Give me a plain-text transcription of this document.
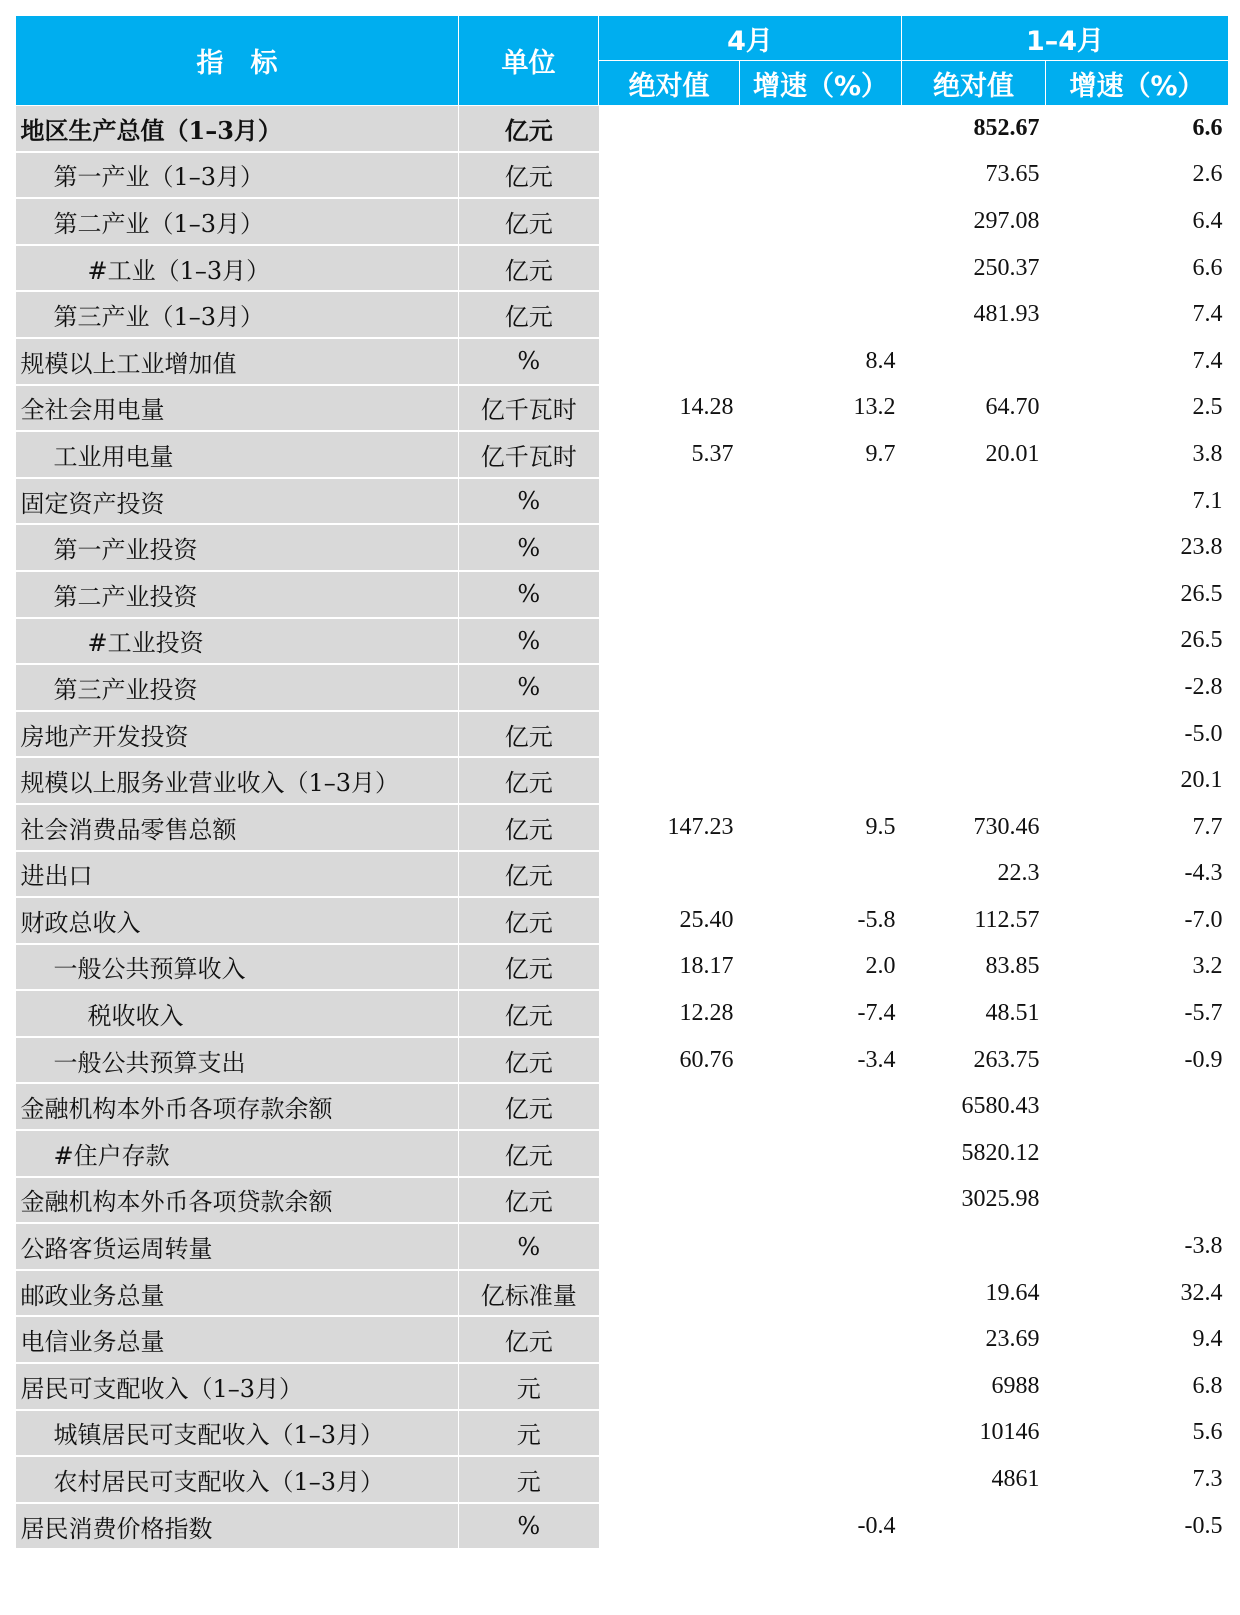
指　标	单位	4月		1–4月	
		绝对值	增速（%）	绝对值	增速（%）
地区生产总值（1–3月）	亿元			852.67	6.6
第一产业（1–3月）	亿元			73.65	2.6
第二产业（1–3月）	亿元			297.08	6.4
#工业（1–3月）	亿元			250.37	6.6
第三产业（1–3月）	亿元			481.93	7.4
规模以上工业增加值	%		8.4		7.4
全社会用电量	亿千瓦时	14.28	13.2	64.70	2.5
工业用电量	亿千瓦时	5.37	9.7	20.01	3.8
固定资产投资	%				7.1
第一产业投资	%				23.8
第二产业投资	%				26.5
#工业投资	%				26.5
第三产业投资	%				-2.8
房地产开发投资	亿元				-5.0
规模以上服务业营业收入（1–3月）	亿元				20.1
社会消费品零售总额	亿元	147.23	9.5	730.46	7.7
进出口	亿元			22.3	-4.3
财政总收入	亿元	25.40	-5.8	112.57	-7.0
一般公共预算收入	亿元	18.17	2.0	83.85	3.2
税收收入	亿元	12.28	-7.4	48.51	-5.7
一般公共预算支出	亿元	60.76	-3.4	263.75	-0.9
金融机构本外币各项存款余额	亿元			6580.43	
#住户存款	亿元			5820.12	
金融机构本外币各项贷款余额	亿元			3025.98	
公路客货运周转量	%				-3.8
邮政业务总量	亿标准量			19.64	32.4
电信业务总量	亿元			23.69	9.4
居民可支配收入（1–3月）	元			6988	6.8
城镇居民可支配收入（1–3月）	元			10146	5.6
农村居民可支配收入（1–3月）	元			4861	7.3
居民消费价格指数	%		-0.4		-0.5
